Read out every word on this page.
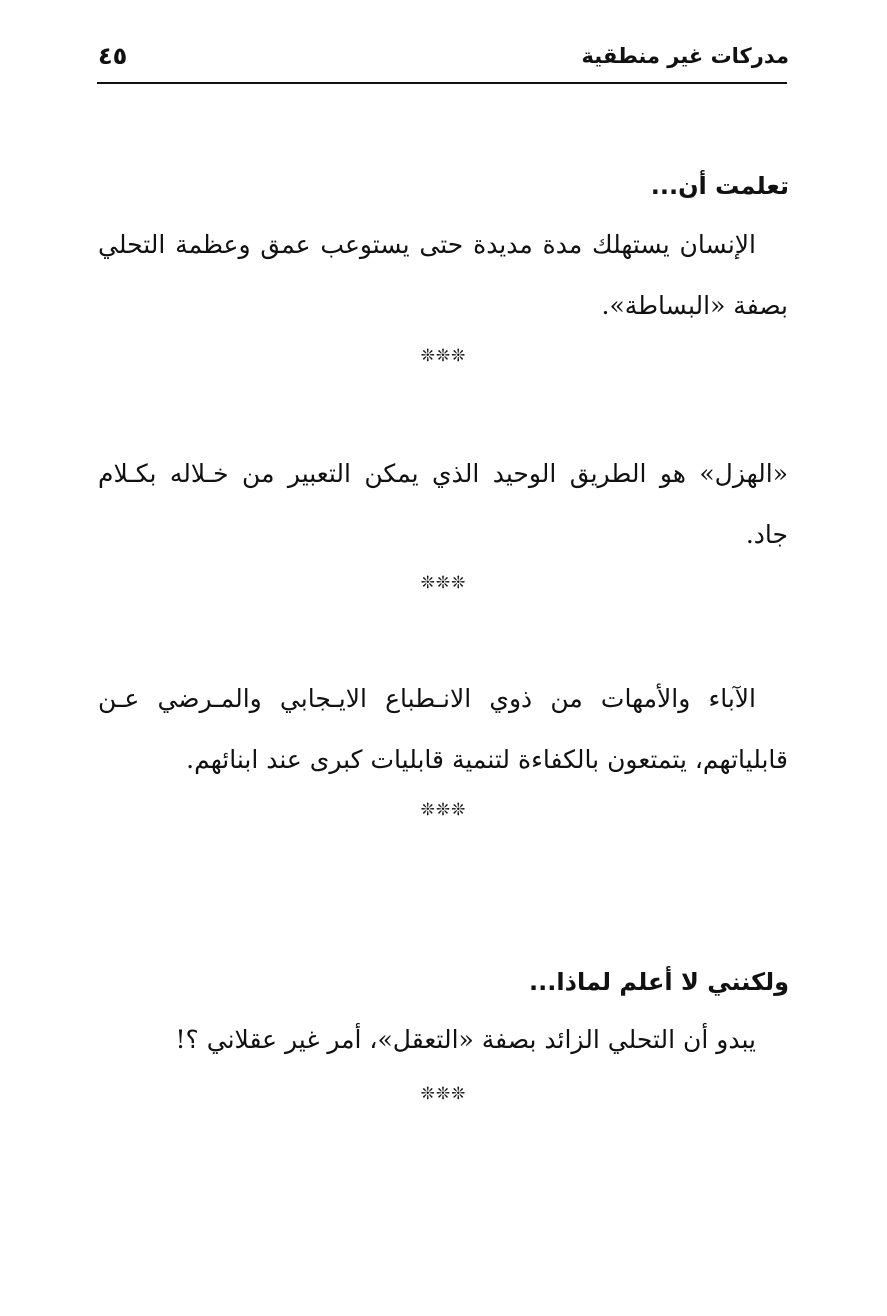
مدركات غير منطقية
٤٥
تعلمت أن...
الإنسان يستهلك مدة مديدة حتى يستوعب عمق وعظمة التحلي بصفة «البساطة».
❊❊❊
«الهزل» هو الطريق الوحيد الذي يمكن التعبير من خـلاله بكـلام جاد.
❊❊❊
الآباء والأمهات من ذوي الانـطباع الايـجابي والمـرضي عـن قابلياتهم، يتمتعون بالكفاءة لتنمية قابليات كبرى عند ابنائهم.
❊❊❊
ولكنني لا أعلم لماذا...
يبدو أن التحلي الزائد بصفة «التعقل»، أمر غير عقلاني ؟!
❊❊❊
